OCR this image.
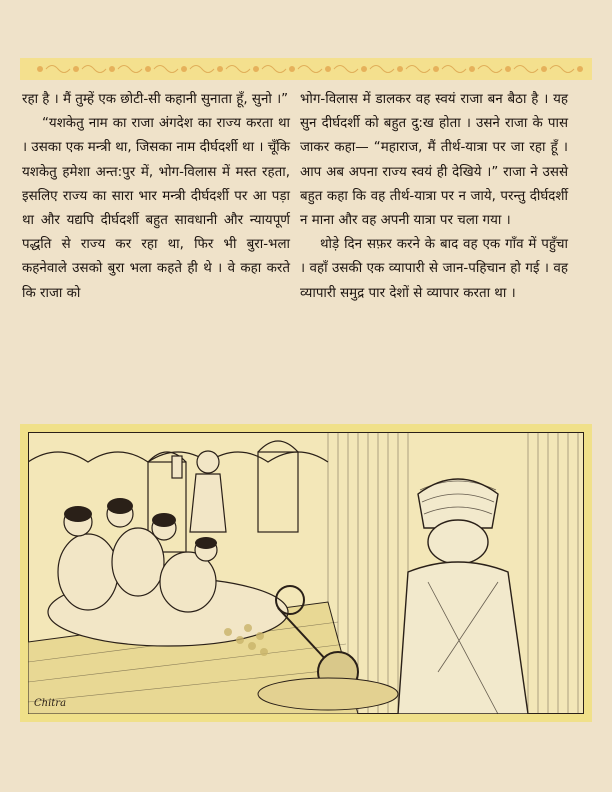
रहा है । मैं तुम्हें एक छोटी-सी कहानी सुनाता हूँ, सुनो ।”

“यशकेतु नाम का राजा अंगदेश का राज्य करता था । उसका एक मन्त्री था, जिसका नाम दीर्घदर्शी था । चूँकि यशकेतु हमेशा अन्त:पुर में, भोग-विलास में मस्त रहता, इसलिए राज्य का सारा भार मन्त्री दीर्घदर्शी पर आ पड़ा था और यद्यपि दीर्घदर्शी बहुत सावधानी और न्यायपूर्ण पद्धति से राज्य कर रहा था, फिर भी बुरा-भला कहनेवाले उसको बुरा भला कहते ही थे । वे कहा करते कि राजा को

भोग-विलास में डालकर वह स्वयं राजा बन बैठा है । यह सुन दीर्घदर्शी को बहुत दु:ख होता । उसने राजा के पास जाकर कहा— “महाराज, मैं तीर्थ-यात्रा पर जा रहा हूँ । आप अब अपना राज्य स्वयं ही देखिये ।” राजा ने उससे बहुत कहा कि वह तीर्थ-यात्रा पर न जाये, परन्तु दीर्घदर्शी न माना और वह अपनी यात्रा पर चला गया ।

थोड़े दिन सफ़र करने के बाद वह एक गाँव में पहुँचा । वहाँ उसकी एक व्यापारी से जान-पहिचान हो गई । वह व्यापारी समुद्र पार देशों से व्यापार करता था ।

Chitra
